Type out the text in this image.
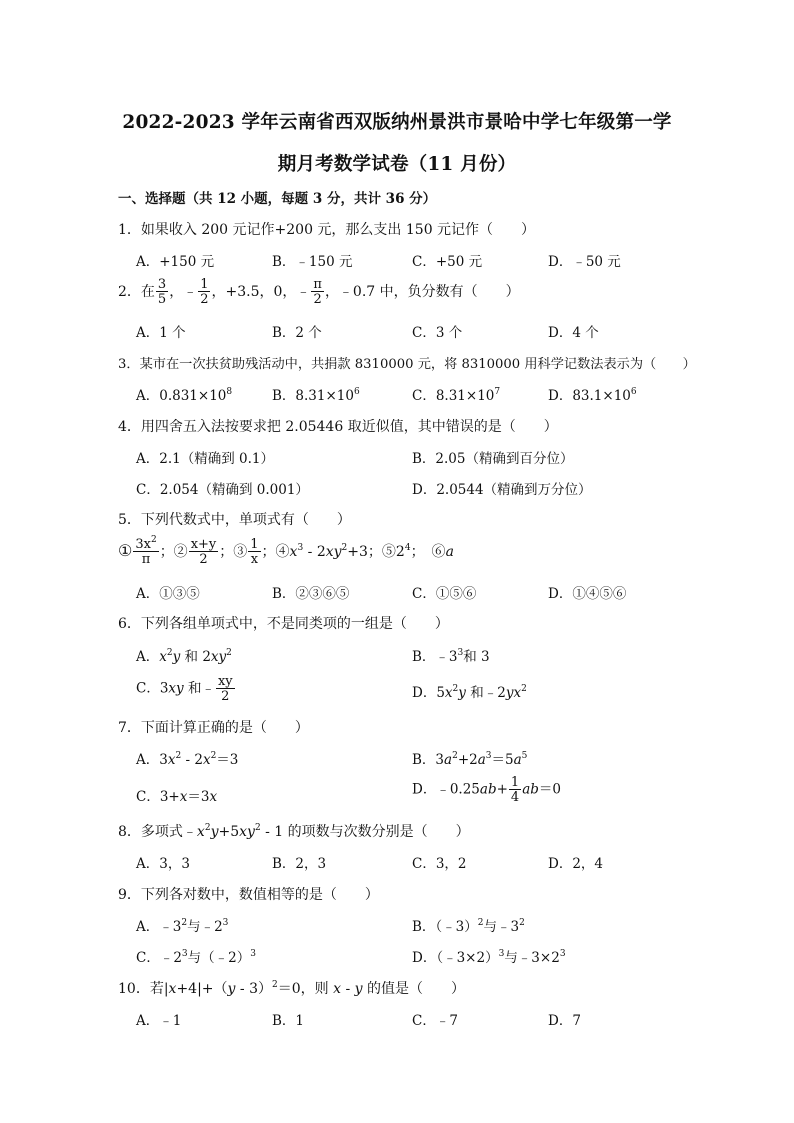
2022-2023 学年云南省西双版纳州景洪市景哈中学七年级第一学
期月考数学试卷（11 月份）
一、选择题（共 12 小题，每题 3 分，共计 36 分）
1．如果收入 200 元记作+200 元，那么支出 150 元记作（　　）
A．+150 元	B．﹣150 元	C．+50 元	D．﹣50 元
2．在 $\frac{3}{5}$ ，﹣ $\frac{1}{2}$ ，+3.5，0，﹣ $\frac{\pi}{2}$ ，﹣0.7 中，负分数有（　　）
A．1 个	B．2 个	C．3 个	D．4 个
3．某市在一次扶贫助残活动中，共捐款 8310000 元，将 8310000 用科学记数法表示为（　　）
A．$0.831\times 10^8$	B．$8.31\times 10^6$	C．$8.31\times 10^7$	D．$83.1\times 10^6$
4．用四舍五入法按要求把 2.05446 取近似值，其中错误的是（　　）
A．2.1（精确到 0.1）	B．2.05（精确到百分位）
C．2.054（精确到 0.001）	D．2.0544（精确到万分位）
5．下列代数式中，单项式有（　　）
① $\frac{3x^2}{\pi}$ ；② $\frac{x+y}{2}$ ；③ $\frac{1}{x}$ ；$④x^3 - 2xy^2+3$；$⑤2^4$；　⑥a
A．①③⑤	B．②③⑥⑤	C．①⑤⑥	D．①④⑤⑥
6．下列各组单项式中，不是同类项的一组是（　　）
A．$x^2y$ 和 $2xy^2$	B．$﹣3^3$和 3
C．3xy 和﹣ $\frac{xy}{2}$	D．$5x^2y$ 和$﹣2yx^2$
7．下面计算正确的是（　　）
A．$3x^2 - 2x^2=3$	B．$3a^2+2a^3=5a^5$
C．3+x＝3x	D．﹣0.25ab+ $\frac{1}{4} ab=0$
8．多项式$﹣x^2y+5xy^2 - 1$ 的项数与次数分别是（　　）
A．3，3	B．2，3	C．3，2	D．2，4
9．下列各对数中，数值相等的是（　　）
A．$﹣3^2$与$﹣2^3$	B．（﹣3）$^2$与$﹣3^2$
C．$﹣2^3$与（﹣2）$^3$	D．（﹣3×2）$^3$与$﹣3\times 2^3$
10．若|x+4|+（y - 3）$^2$＝0，则 x - y 的值是（　　）
A．﹣1	B．1	C．﹣7	D．7
